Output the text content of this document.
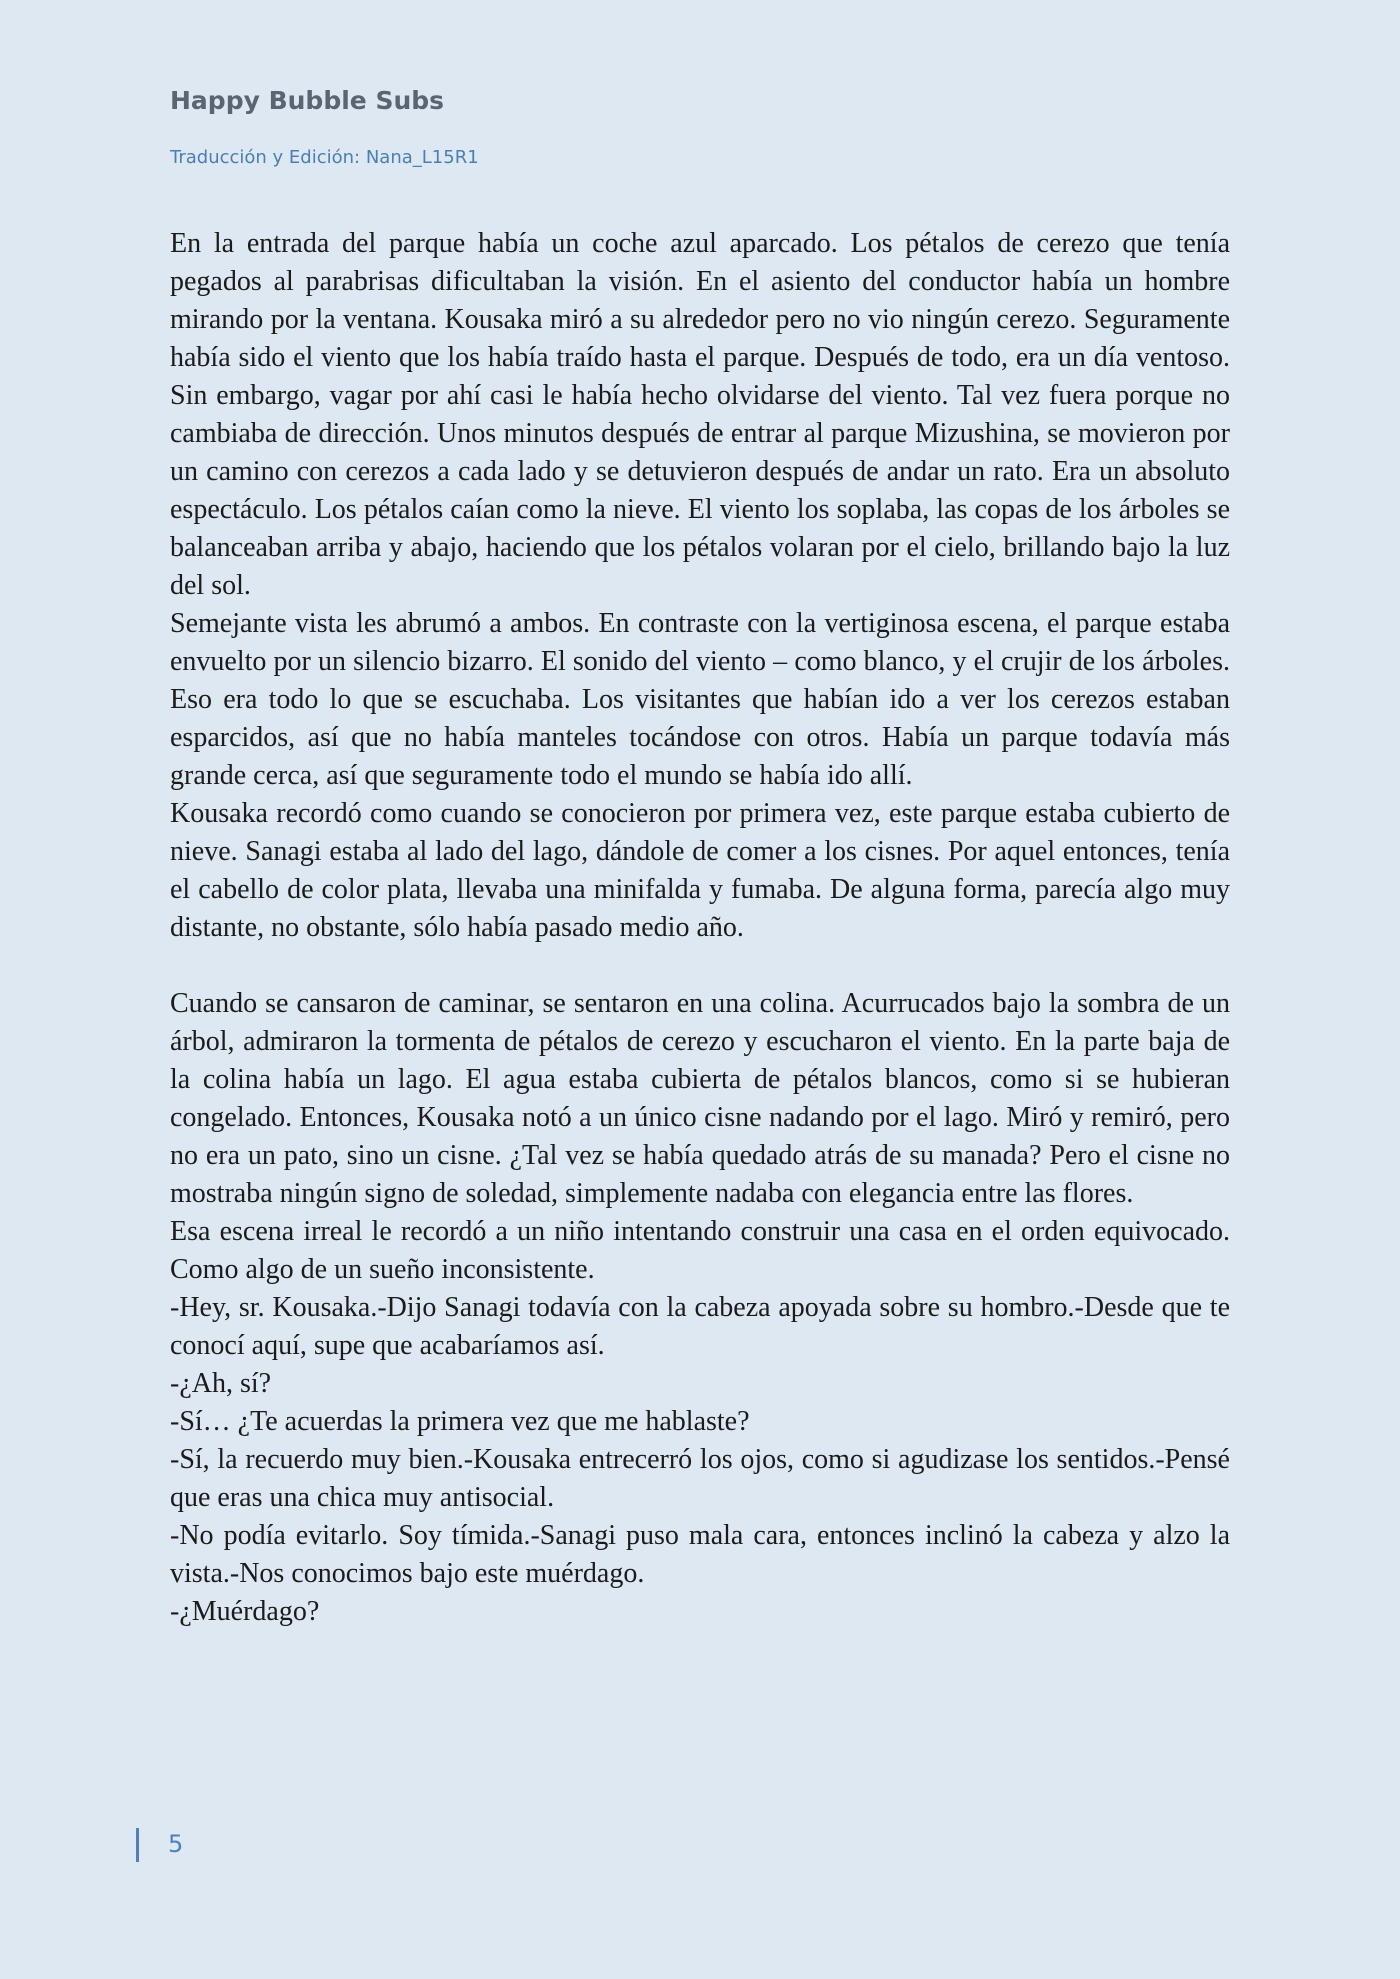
Happy Bubble Subs
Traducción y Edición: Nana_L15R1

En la entrada del parque había un coche azul aparcado. Los pétalos de cerezo que tenía pegados al parabrisas dificultaban la visión. En el asiento del conductor había un hombre mirando por la ventana. Kousaka miró a su alrededor pero no vio ningún cerezo. Seguramente había sido el viento que los había traído hasta el parque. Después de todo, era un día ventoso. Sin embargo, vagar por ahí casi le había hecho olvidarse del viento. Tal vez fuera porque no cambiaba de dirección. Unos minutos después de entrar al parque Mizushina, se movieron por un camino con cerezos a cada lado y se detuvieron después de andar un rato. Era un absoluto espectáculo. Los pétalos caían como la nieve. El viento los soplaba, las copas de los árboles se balanceaban arriba y abajo, haciendo que los pétalos volaran por el cielo, brillando bajo la luz del sol.

Semejante vista les abrumó a ambos. En contraste con la vertiginosa escena, el parque estaba envuelto por un silencio bizarro. El sonido del viento – como blanco, y el crujir de los árboles. Eso era todo lo que se escuchaba. Los visitantes que habían ido a ver los cerezos estaban esparcidos, así que no había manteles tocándose con otros. Había un parque todavía más grande cerca, así que seguramente todo el mundo se había ido allí.

Kousaka recordó como cuando se conocieron por primera vez, este parque estaba cubierto de nieve. Sanagi estaba al lado del lago, dándole de comer a los cisnes. Por aquel entonces, tenía el cabello de color plata, llevaba una minifalda y fumaba. De alguna forma, parecía algo muy distante, no obstante, sólo había pasado medio año.

Cuando se cansaron de caminar, se sentaron en una colina. Acurrucados bajo la sombra de un árbol, admiraron la tormenta de pétalos de cerezo y escucharon el viento. En la parte baja de la colina había un lago. El agua estaba cubierta de pétalos blancos, como si se hubieran congelado. Entonces, Kousaka notó a un único cisne nadando por el lago. Miró y remiró, pero no era un pato, sino un cisne. ¿Tal vez se había quedado atrás de su manada? Pero el cisne no mostraba ningún signo de soledad, simplemente nadaba con elegancia entre las flores.

Esa escena irreal le recordó a un niño intentando construir una casa en el orden equivocado. Como algo de un sueño inconsistente.

-Hey, sr. Kousaka.-Dijo Sanagi todavía con la cabeza apoyada sobre su hombro.-Desde que te conocí aquí, supe que acabaríamos así.

-¿Ah, sí?

-Sí… ¿Te acuerdas la primera vez que me hablaste?

-Sí, la recuerdo muy bien.-Kousaka entrecerró los ojos, como si agudizase los sentidos.-Pensé que eras una chica muy antisocial.

-No podía evitarlo. Soy tímida.-Sanagi puso mala cara, entonces inclinó la cabeza y alzo la vista.-Nos conocimos bajo este muérdago.

-¿Muérdago?

5
